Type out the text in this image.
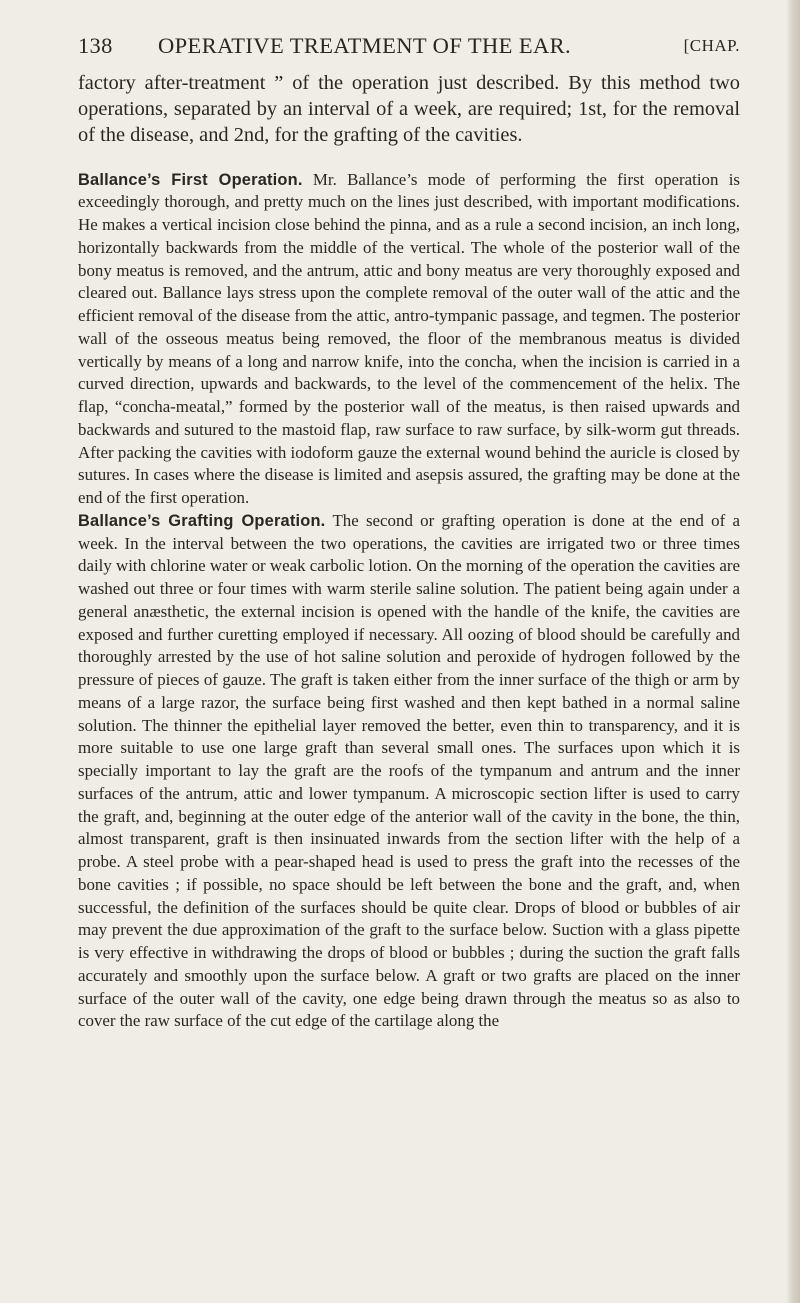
138 OPERATIVE TREATMENT OF THE EAR.	[CHAP.

factory after-treatment ” of the operation just described. By this method two operations, separated by an interval of a week, are required; 1st, for the removal of the disease, and 2nd, for the grafting of the cavities.

Ballance’s First Operation. Mr. Ballance’s mode of performing the first operation is exceedingly thorough, and pretty much on the lines just described, with important modifications. He makes a vertical incision close behind the pinna, and as a rule a second incision, an inch long, horizontally backwards from the middle of the vertical. The whole of the posterior wall of the bony meatus is removed, and the antrum, attic and bony meatus are very thoroughly exposed and cleared out. Ballance lays stress upon the complete removal of the outer wall of the attic and the efficient removal of the disease from the attic, antro-tympanic passage, and tegmen. The posterior wall of the osseous meatus being removed, the floor of the membranous meatus is divided vertically by means of a long and narrow knife, into the concha, when the incision is carried in a curved direction, upwards and backwards, to the level of the commencement of the helix. The flap, “concha-meatal,” formed by the posterior wall of the meatus, is then raised upwards and backwards and sutured to the mastoid flap, raw surface to raw surface, by silk-worm gut threads. After packing the cavities with iodoform gauze the external wound behind the auricle is closed by sutures. In cases where the disease is limited and asepsis assured, the grafting may be done at the end of the first operation.

Ballance’s Grafting Operation. The second or grafting operation is done at the end of a week. In the interval between the two operations, the cavities are irrigated two or three times daily with chlorine water or weak carbolic lotion. On the morning of the operation the cavities are washed out three or four times with warm sterile saline solution. The patient being again under a general anæsthetic, the external incision is opened with the handle of the knife, the cavities are exposed and further curetting employed if necessary. All oozing of blood should be carefully and thoroughly arrested by the use of hot saline solution and peroxide of hydrogen followed by the pressure of pieces of gauze. The graft is taken either from the inner surface of the thigh or arm by means of a large razor, the surface being first washed and then kept bathed in a normal saline solution. The thinner the epithelial layer removed the better, even thin to transparency, and it is more suitable to use one large graft than several small ones. The surfaces upon which it is specially important to lay the graft are the roofs of the tympanum and antrum and the inner surfaces of the antrum, attic and lower tympanum. A microscopic section lifter is used to carry the graft, and, beginning at the outer edge of the anterior wall of the cavity in the bone, the thin, almost transparent, graft is then insinuated inwards from the section lifter with the help of a probe. A steel probe with a pear-shaped head is used to press the graft into the recesses of the bone cavities ; if possible, no space should be left between the bone and the graft, and, when successful, the definition of the surfaces should be quite clear. Drops of blood or bubbles of air may prevent the due approximation of the graft to the surface below. Suction with a glass pipette is very effective in withdrawing the drops of blood or bubbles ; during the suction the graft falls accurately and smoothly upon the surface below. A graft or two grafts are placed on the inner surface of the outer wall of the cavity, one edge being drawn through the meatus so as also to cover the raw surface of the cut edge of the cartilage along the
